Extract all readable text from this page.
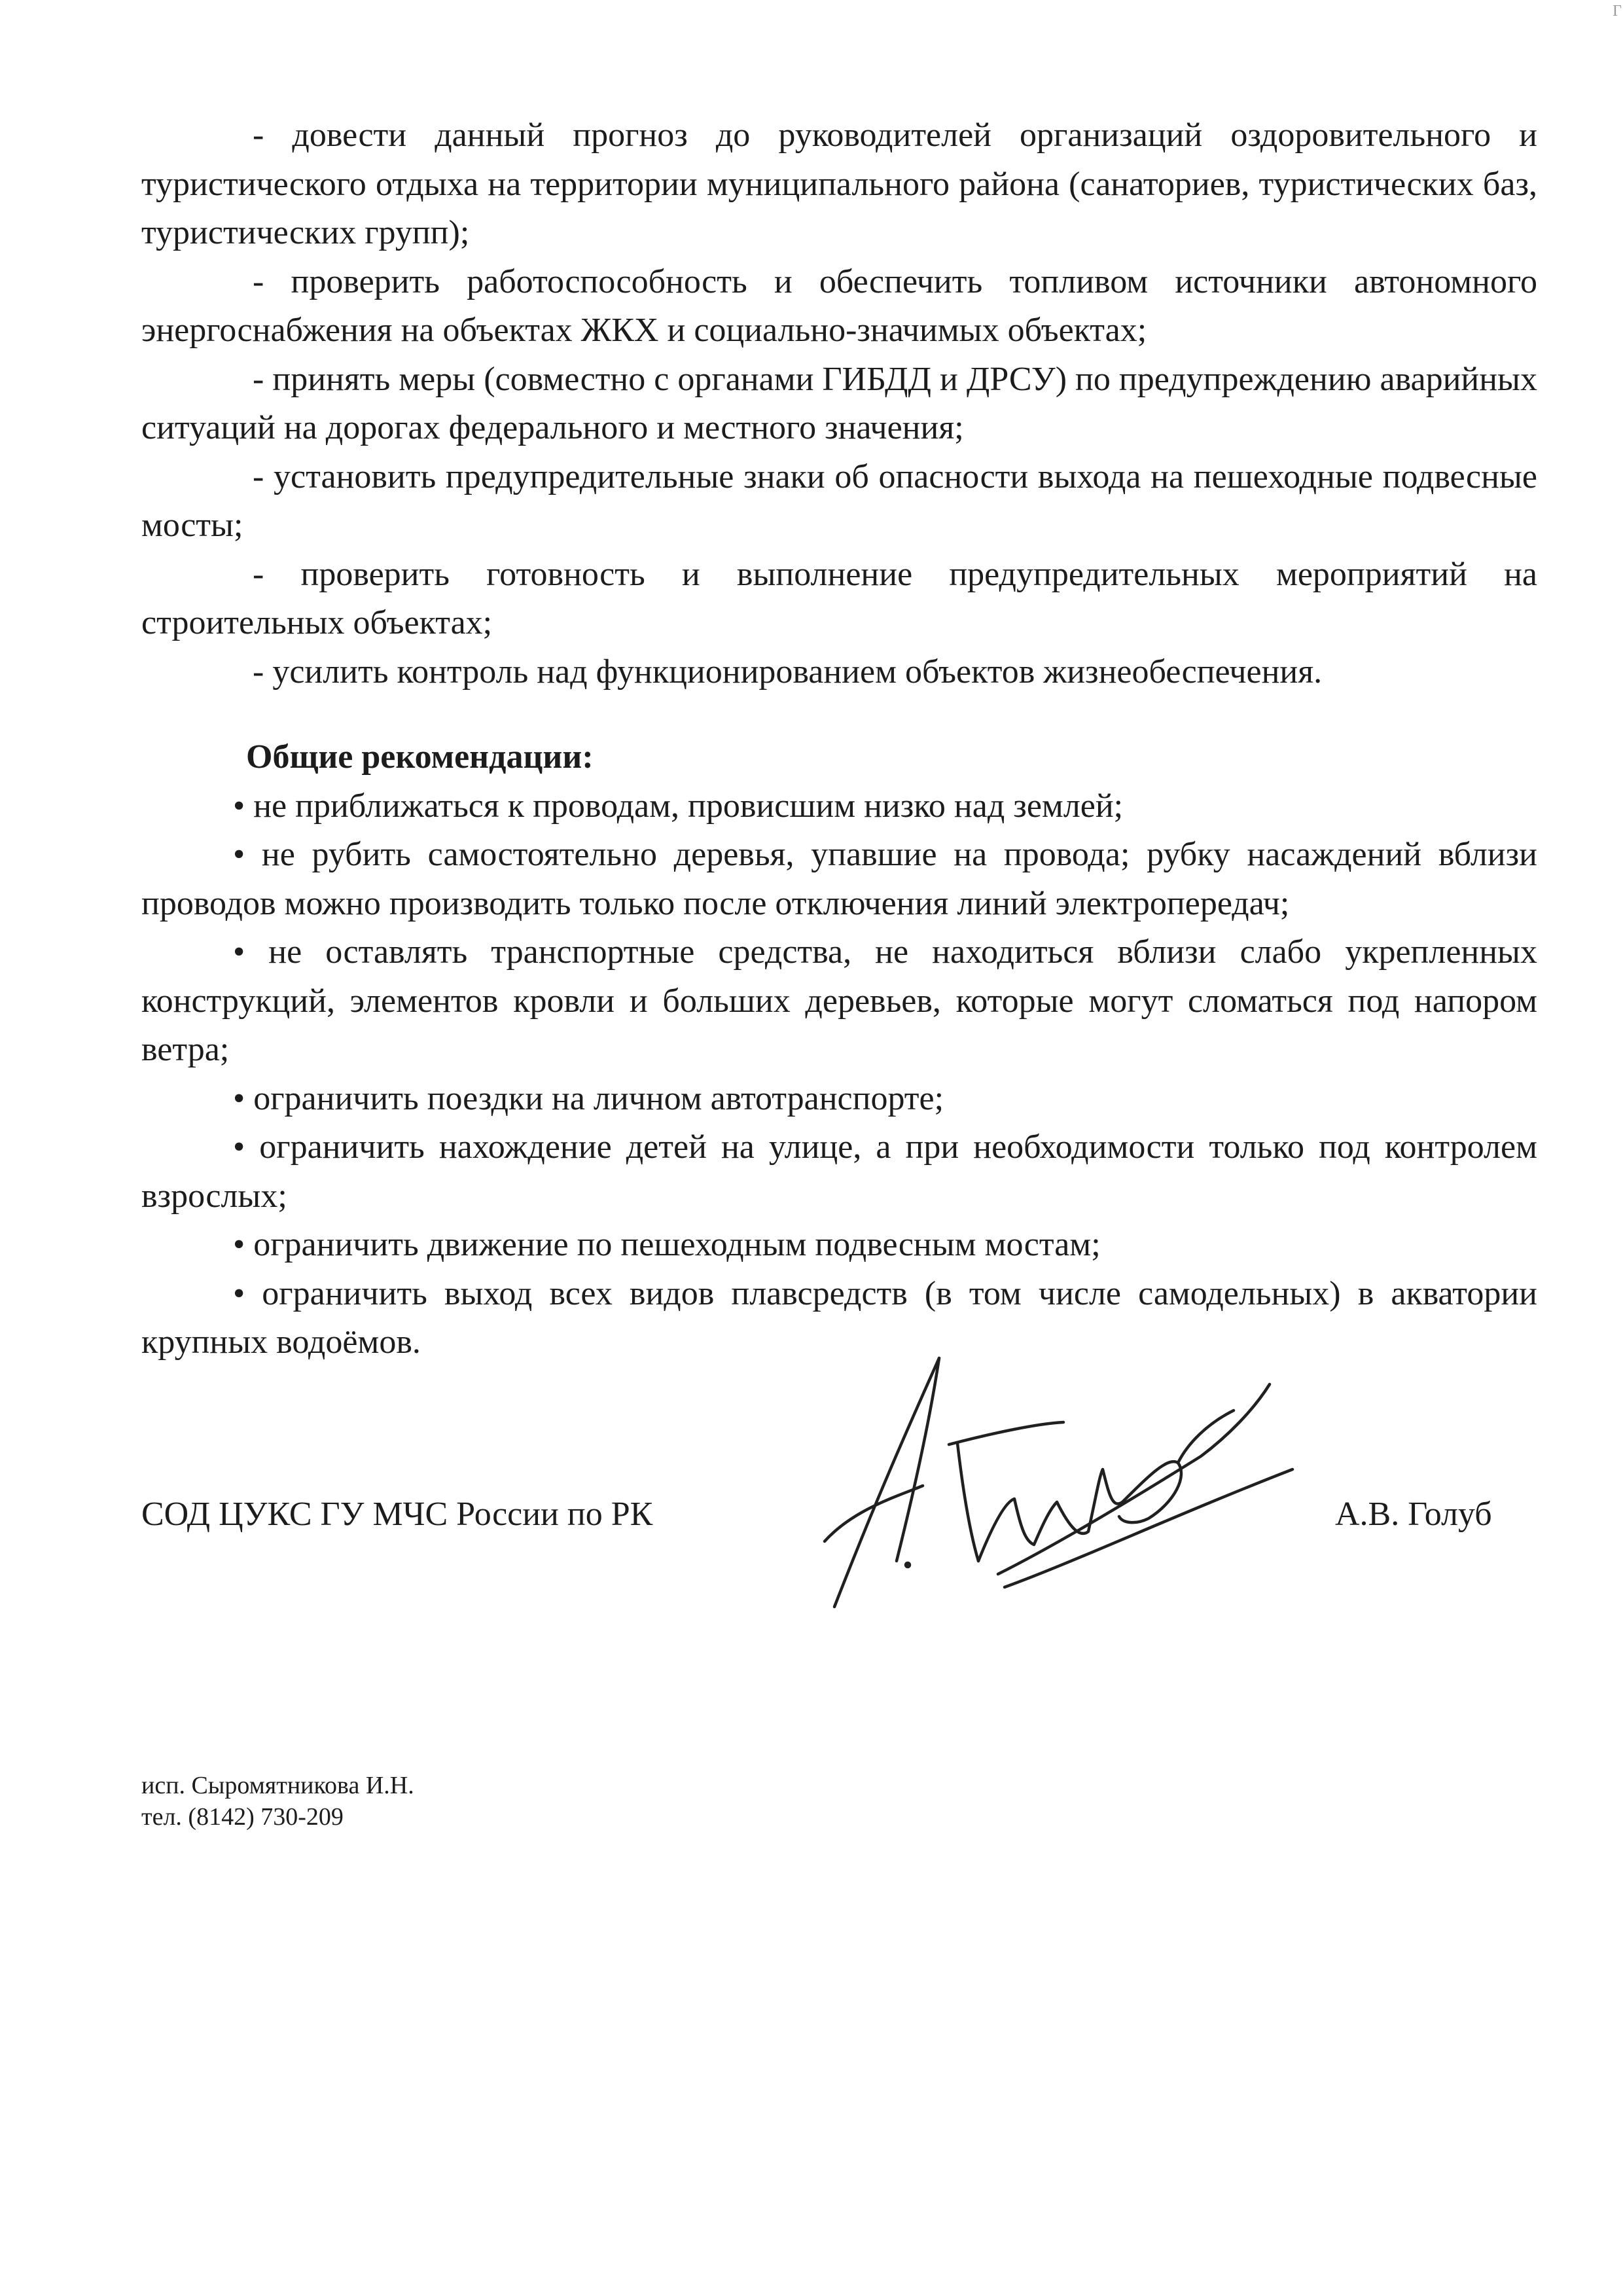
Г

- довести данный прогноз до руководителей организаций оздоровительного и туристического отдыха на территории муниципального района (санаториев, туристических баз, туристических групп);

- проверить работоспособность и обеспечить топливом источники автономного энергоснабжения на объектах ЖКХ и социально-значимых объектах;

- принять меры (совместно с органами ГИБДД и ДРСУ) по предупреждению аварийных ситуаций на дорогах федерального и местного значения;

- установить предупредительные знаки об опасности выхода на пешеходные подвесные мосты;

- проверить готовность и выполнение предупредительных мероприятий на строительных объектах;

- усилить контроль над функционированием объектов жизнеобеспечения.

Общие рекомендации:

• не приближаться к проводам, провисшим низко над землей;

• не рубить самостоятельно деревья, упавшие на провода; рубку насаждений вблизи проводов можно производить только после отключения линий электропередач;

• не оставлять транспортные средства, не находиться вблизи слабо укрепленных конструкций, элементов кровли и больших деревьев, которые могут сломаться под напором ветра;

• ограничить поездки на личном автотранспорте;

• ограничить нахождение детей на улице, а при необходимости только под контролем взрослых;

• ограничить движение по пешеходным подвесным мостам;

• ограничить выход всех видов плавсредств (в том числе самодельных) в акватории крупных водоёмов.

СОД ЦУКС ГУ МЧС России по РК	А.В. Голуб
исп. Сыромятникова И.Н.
тел. (8142) 730-209
